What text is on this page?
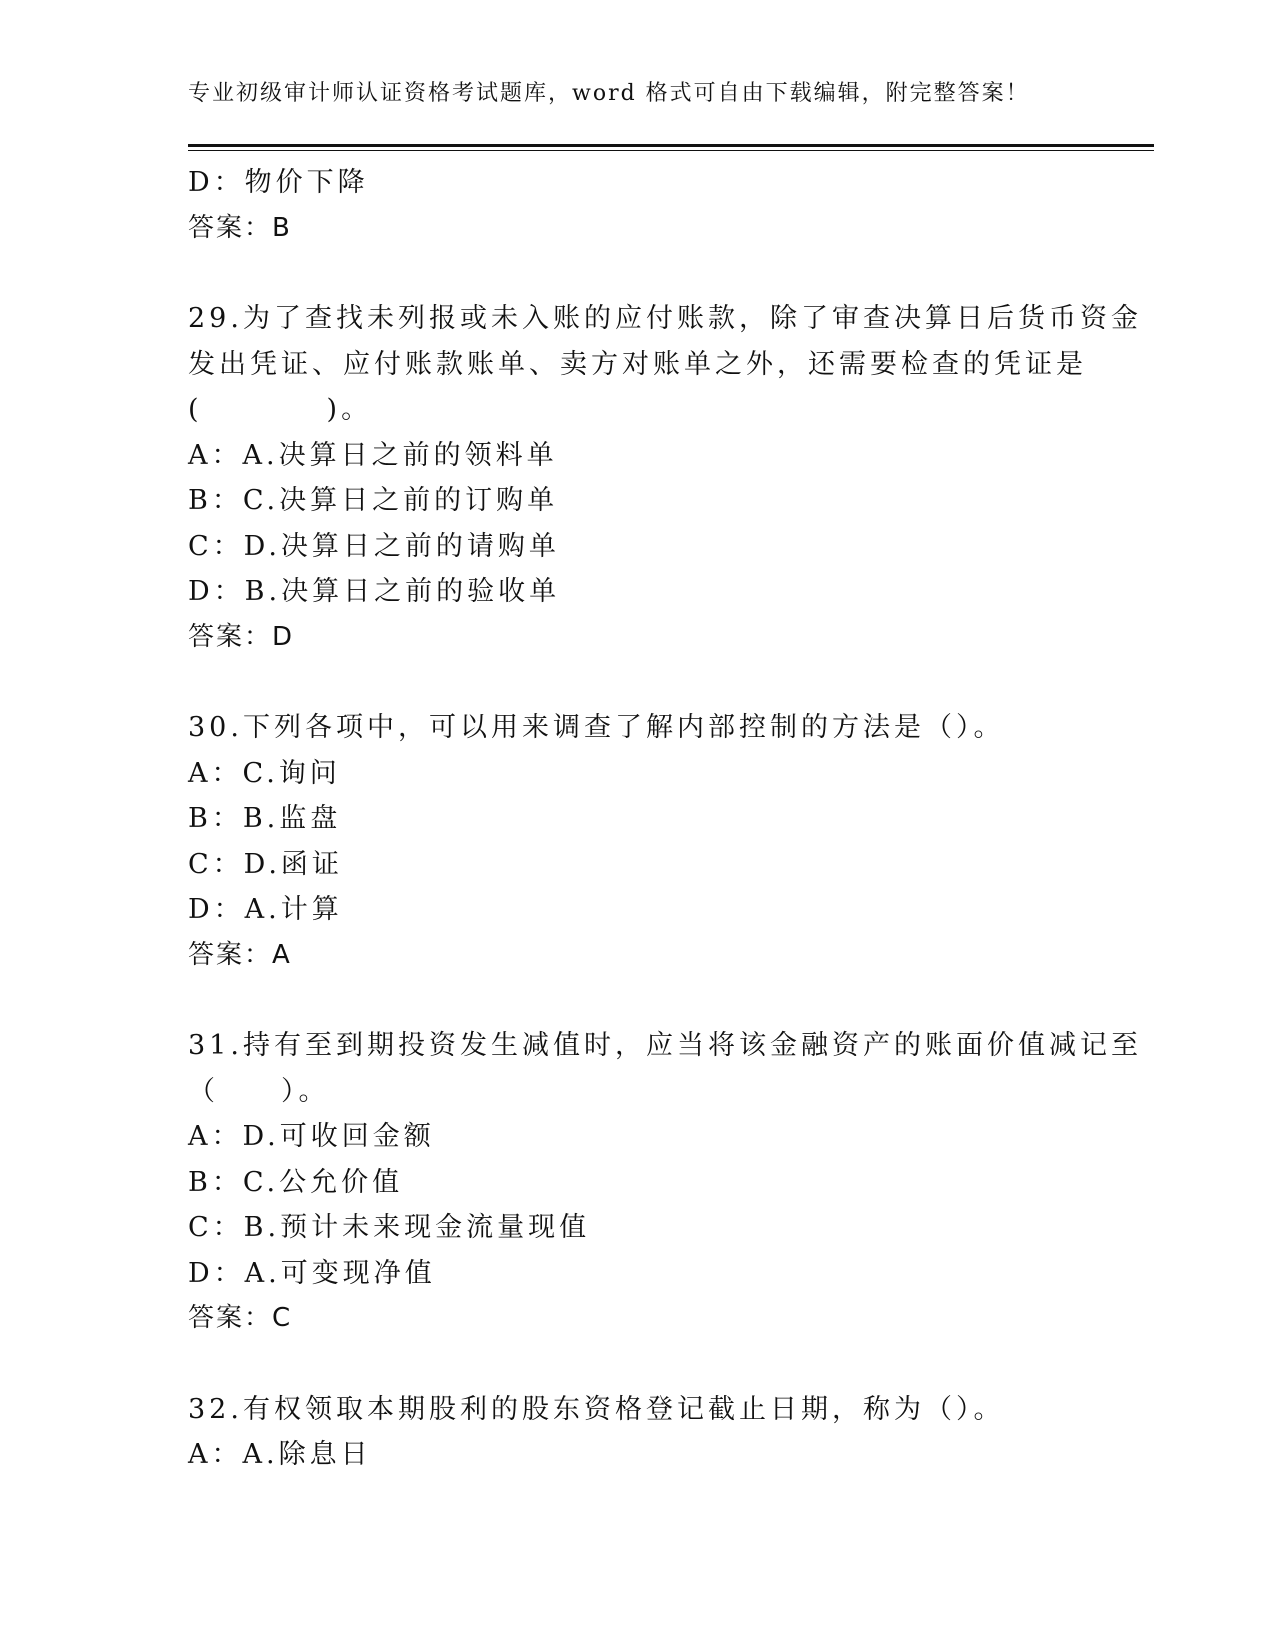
专业初级审计师认证资格考试题库，word 格式可自由下载编辑，附完整答案！
D：物价下降
答案：B
29.为了查找未列报或未入账的应付账款，除了审查决算日后货币资金
发出凭证、应付账款账单、卖方对账单之外，还需要检查的凭证是
(　　　　)。
A：A.决算日之前的领料单
B：C.决算日之前的订购单
C：D.决算日之前的请购单
D：B.决算日之前的验收单
答案：D
30.下列各项中，可以用来调查了解内部控制的方法是（）。
A：C.询问
B：B.监盘
C：D.函证
D：A.计算
答案：A
31.持有至到期投资发生减值时，应当将该金融资产的账面价值减记至
（　　）。
A：D.可收回金额
B：C.公允价值
C：B.预计未来现金流量现值
D：A.可变现净值
答案：C
32.有权领取本期股利的股东资格登记截止日期，称为（）。
A：A.除息日
